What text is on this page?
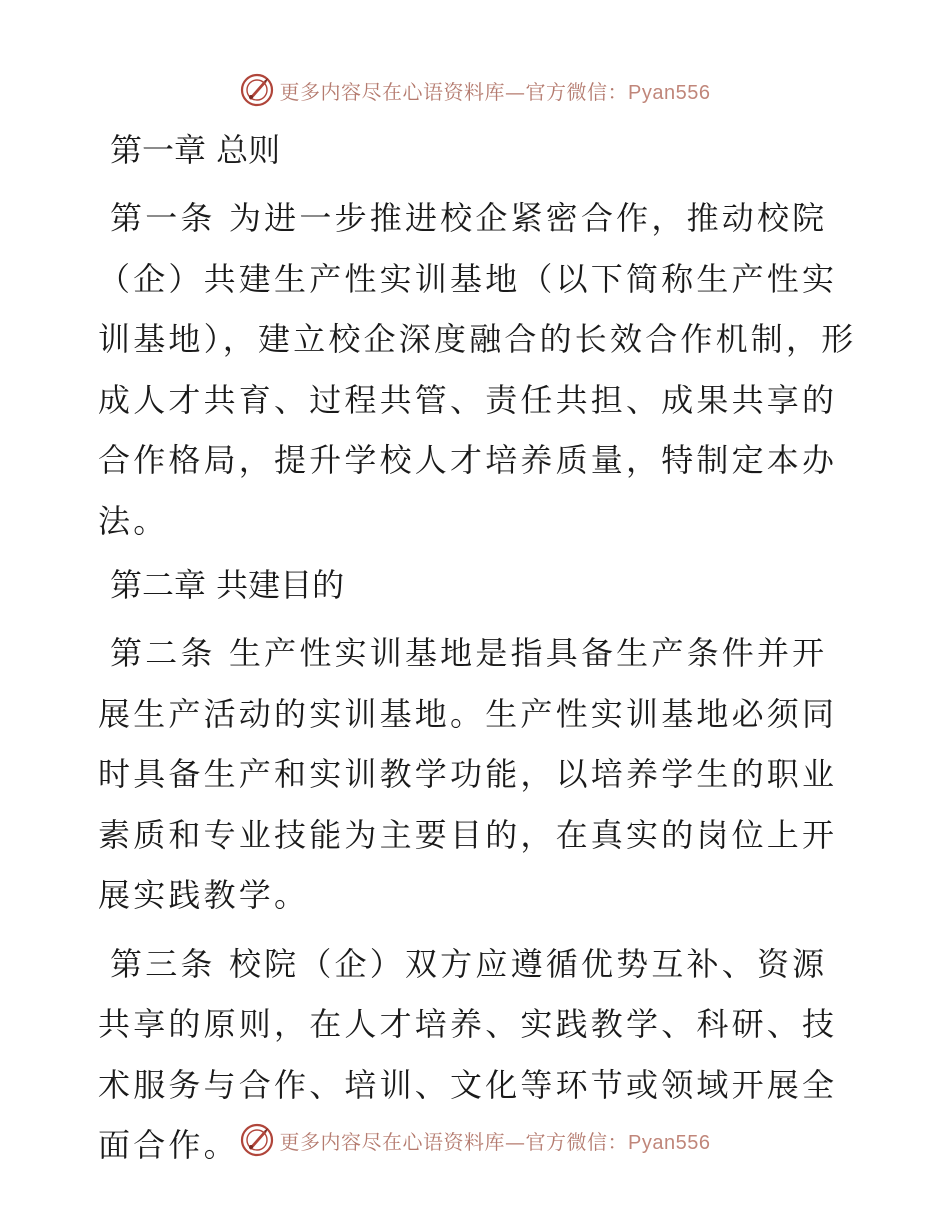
更多内容尽在心语资料库—官方微信：Pyan556

第一章 总则

第一条 为进一步推进校企紧密合作，推动校院（企）共建生产性实训基地（以下简称生产性实训基地），建立校企深度融合的长效合作机制，形成人才共育、过程共管、责任共担、成果共享的合作格局，提升学校人才培养质量，特制定本办法。

第二章 共建目的

第二条 生产性实训基地是指具备生产条件并开展生产活动的实训基地。生产性实训基地必须同时具备生产和实训教学功能，以培养学生的职业素质和专业技能为主要目的，在真实的岗位上开展实践教学。

第三条 校院（企）双方应遵循优势互补、资源共享的原则，在人才培养、实践教学、科研、技术服务与合作、培训、文化等环节或领域开展全面合作。	更多内容尽在心语资料库—官方微信：Pyan556
